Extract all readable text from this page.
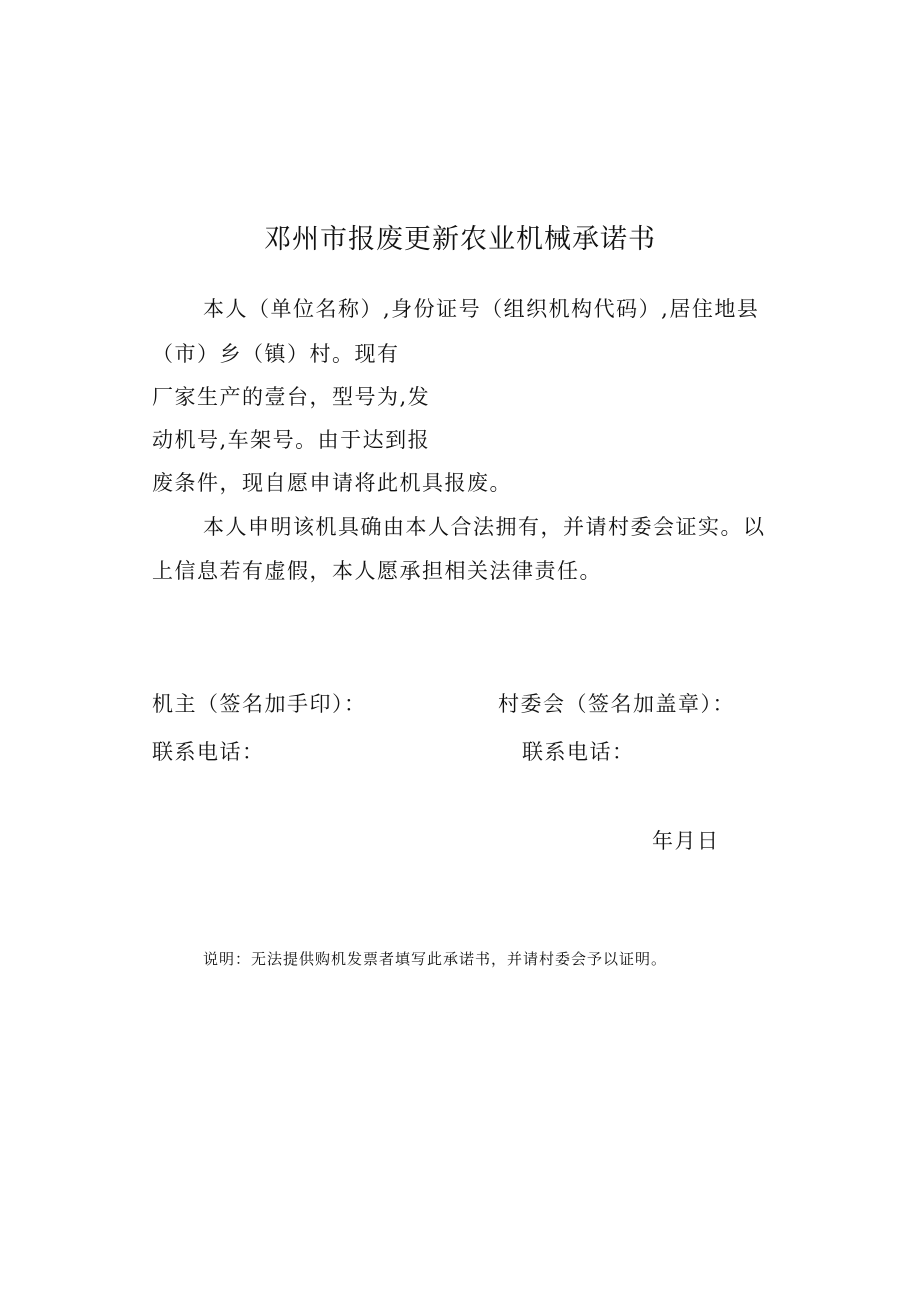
邓州市报废更新农业机械承诺书
本人（单位名称）,身份证号（组织机构代码）,居住地县
（市）乡（镇）村。现有
厂家生产的壹台，型号为,发
动机号,车架号。由于达到报
废条件，现自愿申请将此机具报废。
本人申明该机具确由本人合法拥有，并请村委会证实。以
上信息若有虚假，本人愿承担相关法律责任。
机主（签名加手印）：	村委会（签名加盖章）：
联系电话：	联系电话：
年月日
说明：无法提供购机发票者填写此承诺书，并请村委会予以证明。
